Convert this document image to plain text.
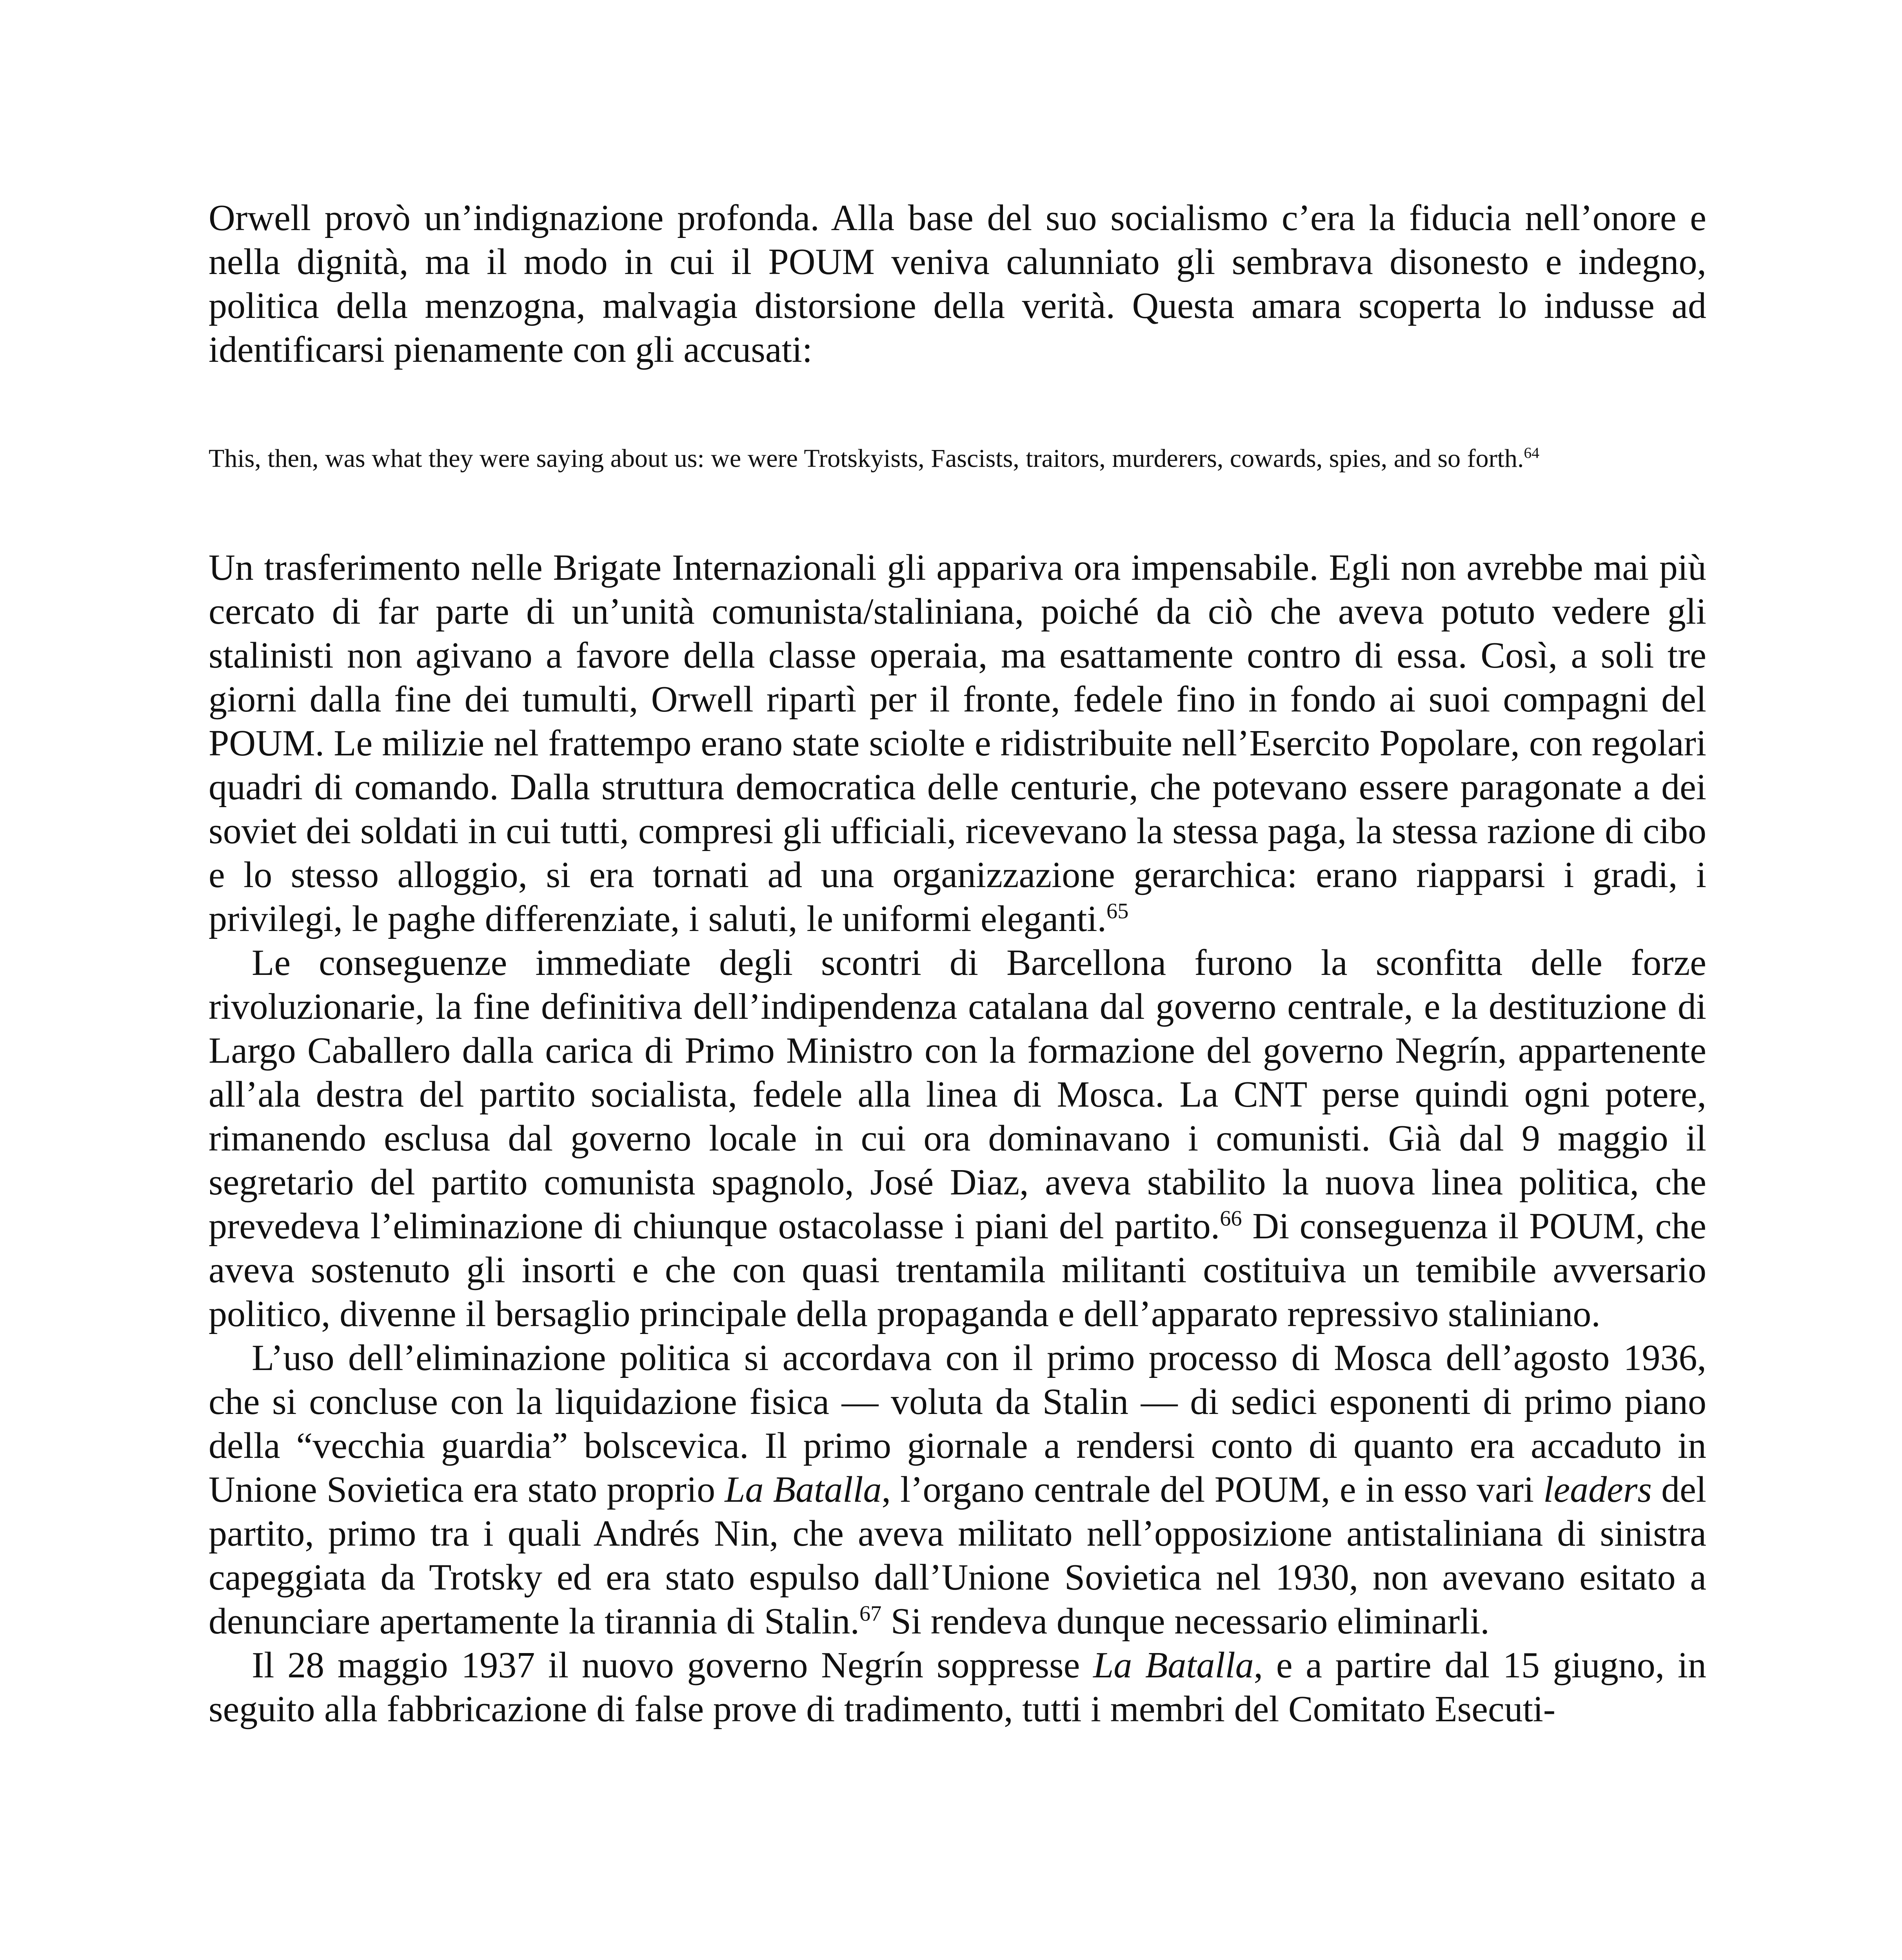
Orwell provò un’indignazione profonda. Alla base del suo socialismo c’era la fiducia nell’onore e nella dignità, ma il modo in cui il POUM veniva calunniato gli sembrava disonesto e indegno, politica della menzogna, malvagia distorsione della verità. Questa amara scoperta lo indusse ad identificarsi pienamente con gli accusati:

This, then, was what they were saying about us: we were Trotskyists, Fascists, traitors, murderers, cowards, spies, and so forth.$^{64}$

Un trasferimento nelle Brigate Internazionali gli appariva ora impensabile. Egli non avrebbe mai più cercato di far parte di un’unità comunista/staliniana, poiché da ciò che aveva potuto vedere gli stalinisti non agivano a favore della classe operaia, ma esattamente contro di essa. Così, a soli tre giorni dalla fine dei tumulti, Orwell ripartì per il fronte, fedele fino in fondo ai suoi compagni del POUM. Le milizie nel frattempo erano state sciolte e ridistribuite nell’Esercito Popolare, con regolari quadri di comando. Dalla struttura democratica delle centurie, che potevano essere paragonate a dei soviet dei soldati in cui tutti, compresi gli ufficiali, ricevevano la stessa paga, la stessa razione di cibo e lo stesso alloggio, si era tornati ad una organizzazione gerarchica: erano riapparsi i gradi, i privilegi, le paghe differenziate, i saluti, le uniformi eleganti.$^{65}$

Le conseguenze immediate degli scontri di Barcellona furono la sconfitta delle forze rivoluzionarie, la fine definitiva dell’indipendenza catalana dal governo centrale, e la destituzione di Largo Caballero dalla carica di Primo Ministro con la formazione del governo Negrín, appartenente all’ala destra del partito socialista, fedele alla linea di Mosca. La CNT perse quindi ogni potere, rimanendo esclusa dal governo locale in cui ora dominavano i comunisti. Già dal 9 maggio il segretario del partito comunista spagnolo, José Diaz, aveva stabilito la nuova linea politica, che prevedeva l’eliminazione di chiunque ostacolasse i piani del partito.$^{66}$ Di conseguenza il POUM, che aveva sostenuto gli insorti e che con quasi trentamila militanti costituiva un temibile avversario politico, divenne il bersaglio principale della propaganda e dell’apparato repressivo staliniano.

L’uso dell’eliminazione politica si accordava con il primo processo di Mosca dell’agosto 1936, che si concluse con la liquidazione fisica — voluta da Stalin — di sedici esponenti di primo piano della “vecchia guardia” bolscevica. Il primo giornale a rendersi conto di quanto era accaduto in Unione Sovietica era stato proprio La Batalla, l’organo centrale del POUM, e in esso vari leaders del partito, primo tra i quali Andrés Nin, che aveva militato nell’opposizione antistaliniana di sinistra capeggiata da Trotsky ed era stato espulso dall’Unione Sovietica nel 1930, non avevano esitato a denunciare apertamente la tirannia di Stalin.$^{67}$ Si rendeva dunque necessario eliminarli.

Il 28 maggio 1937 il nuovo governo Negrín soppresse La Batalla, e a partire dal 15 giugno, in seguito alla fabbricazione di false prove di tradimento, tutti i membri del Comitato Esecuti-
